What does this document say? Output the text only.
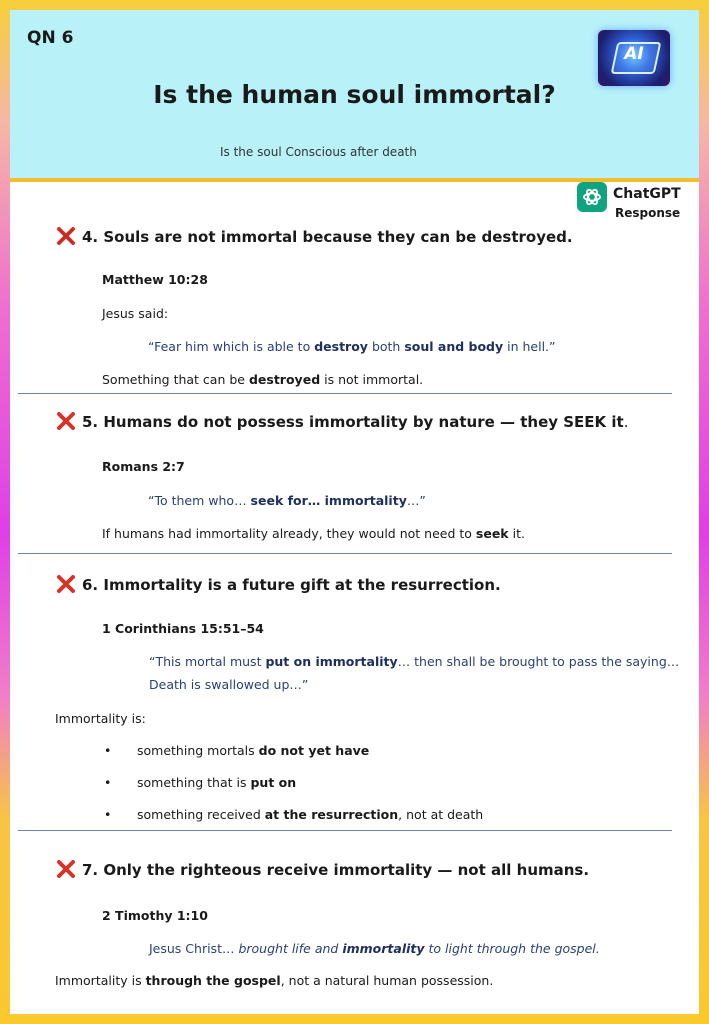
QN 6
Is the human soul immortal?
Is the soul Conscious after death
AI
ChatGPT
Response
4. Souls are not immortal because they can be destroyed.
Matthew 10:28
Jesus said:
“Fear him which is able to destroy both soul and body in hell.”
Something that can be destroyed is not immortal.
5. Humans do not possess immortality by nature — they SEEK it.
Romans 2:7
“To them who… seek for… immortality…”
If humans had immortality already, they would not need to seek it.
6. Immortality is a future gift at the resurrection.
1 Corinthians 15:51–54
“This mortal must put on immortality… then shall be brought to pass the saying…
Death is swallowed up…”
Immortality is:
• something mortals do not yet have
• something that is put on
• something received at the resurrection, not at death
7. Only the righteous receive immortality — not all humans.
2 Timothy 1:10
Jesus Christ… brought life and immortality to light through the gospel.
Immortality is through the gospel, not a natural human possession.
